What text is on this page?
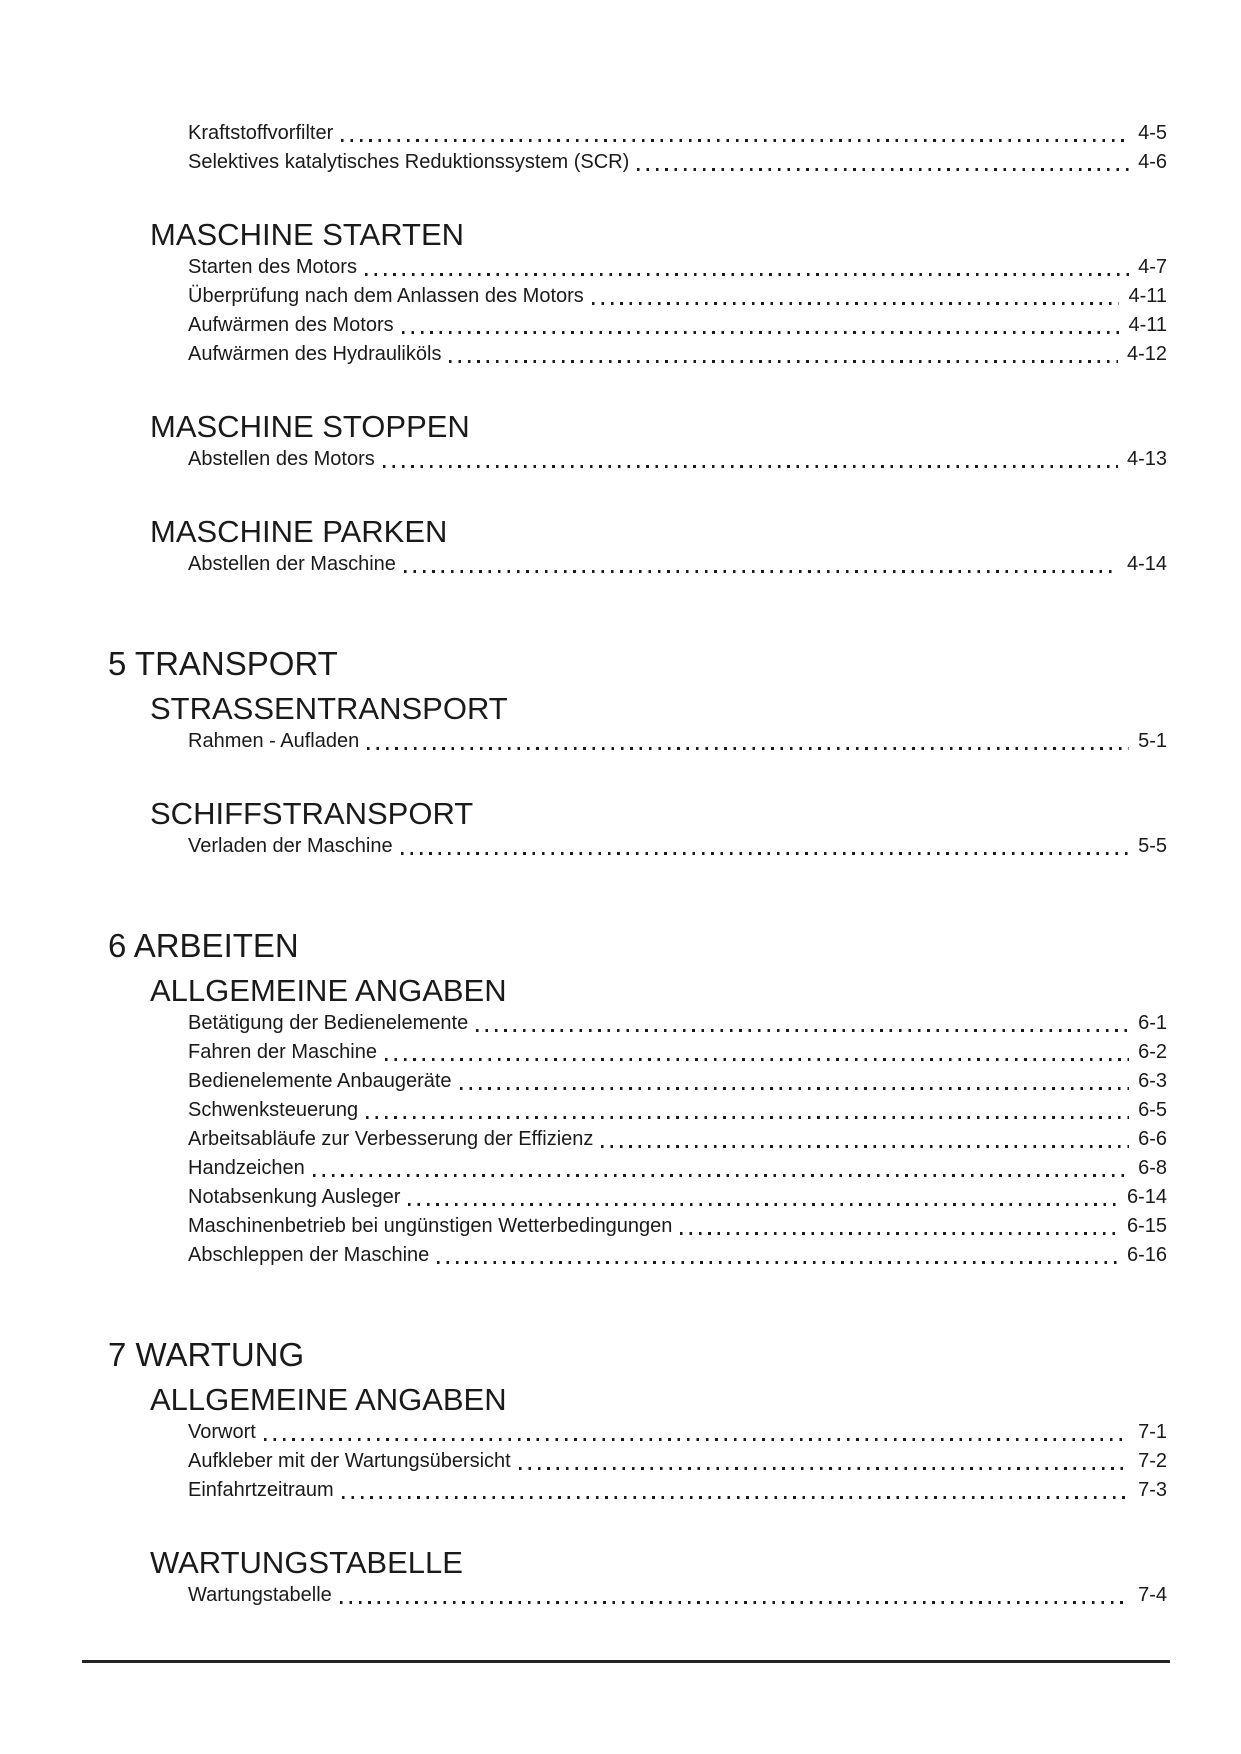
Kraftstoffvorfilter	4-5
Selektives katalytisches Reduktionssystem (SCR)	4-6
MASCHINE STARTEN
Starten des Motors	4-7
Überprüfung nach dem Anlassen des Motors	4-11
Aufwärmen des Motors	4-11
Aufwärmen des Hydrauliköls	4-12
MASCHINE STOPPEN
Abstellen des Motors	4-13
MASCHINE PARKEN
Abstellen der Maschine	4-14
5 TRANSPORT
STRASSENTRANSPORT
Rahmen - Aufladen	5-1
SCHIFFSTRANSPORT
Verladen der Maschine	5-5
6 ARBEITEN
ALLGEMEINE ANGABEN
Betätigung der Bedienelemente	6-1
Fahren der Maschine	6-2
Bedienelemente Anbaugeräte	6-3
Schwenksteuerung	6-5
Arbeitsabläufe zur Verbesserung der Effizienz	6-6
Handzeichen	6-8
Notabsenkung Ausleger	6-14
Maschinenbetrieb bei ungünstigen Wetterbedingungen	6-15
Abschleppen der Maschine	6-16
7 WARTUNG
ALLGEMEINE ANGABEN
Vorwort	7-1
Aufkleber mit der Wartungsübersicht	7-2
Einfahrtzeitraum	7-3
WARTUNGSTABELLE
Wartungstabelle	7-4
